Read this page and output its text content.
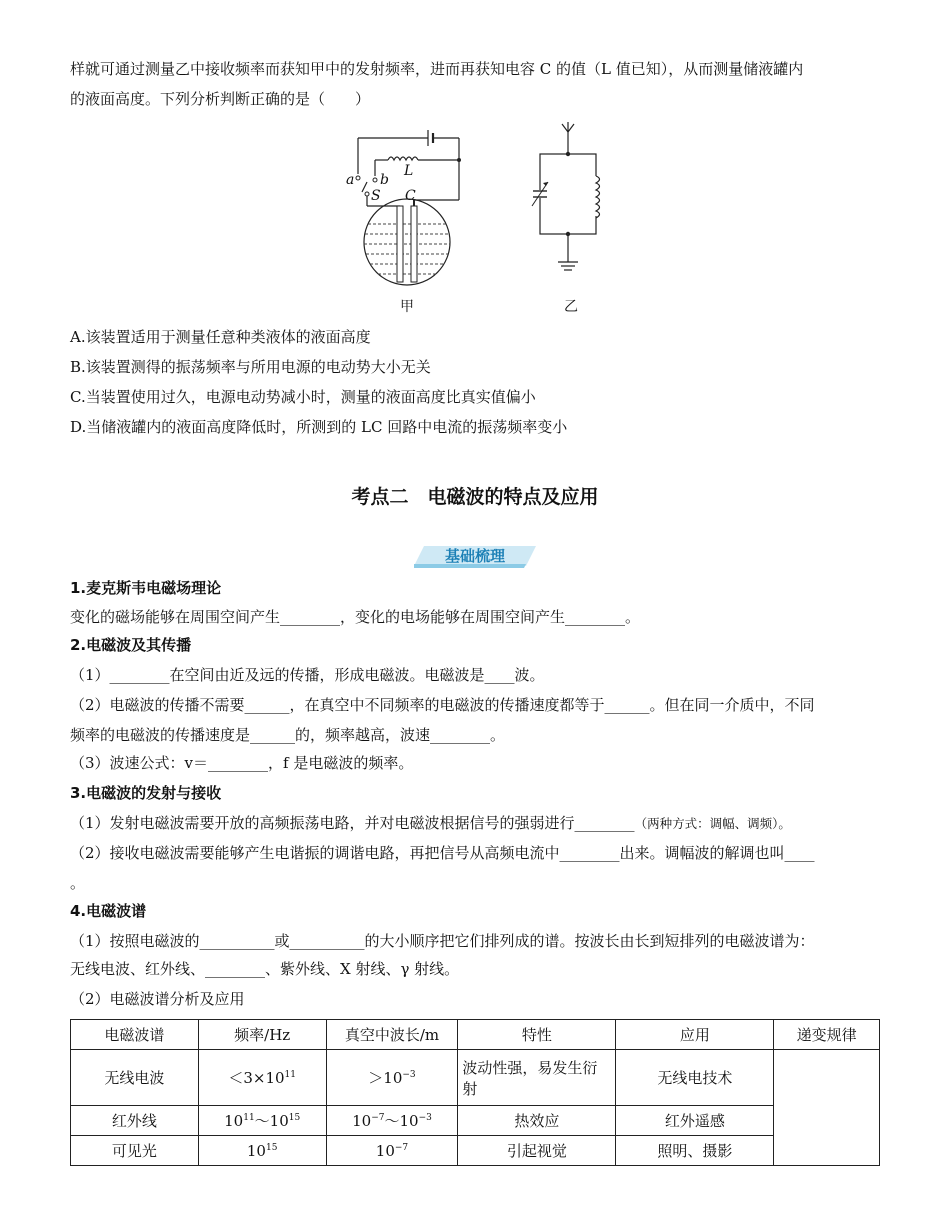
样就可通过测量乙中接收频率而获知甲中的发射频率，进而再获知电容 C 的值（L 值已知），从而测量储液罐内
的液面高度。下列分析判断正确的是（　　）
a b
L
S C
甲	乙
A.该装置适用于测量任意种类液体的液面高度
B.该装置测得的振荡频率与所用电源的电动势大小无关
C.当装置使用过久，电源电动势减小时，测量的液面高度比真实值偏小
D.当储液罐内的液面高度降低时，所测到的 LC 回路中电流的振荡频率变小
考点二　电磁波的特点及应用
基础梳理
1.麦克斯韦电磁场理论
变化的磁场能够在周围空间产生________，变化的电场能够在周围空间产生________。
2.电磁波及其传播
（1）________在空间由近及远的传播，形成电磁波。电磁波是____波。
（2）电磁波的传播不需要______，在真空中不同频率的电磁波的传播速度都等于______。但在同一介质中，不同
频率的电磁波的传播速度是______的，频率越高，波速________。
（3）波速公式：v＝________，f 是电磁波的频率。
3.电磁波的发射与接收
（1）发射电磁波需要开放的高频振荡电路，并对电磁波根据信号的强弱进行________（两种方式：调幅、调频）。
（2）接收电磁波需要能够产生电谐振的调谐电路，再把信号从高频电流中________出来。调幅波的解调也叫____
。
4.电磁波谱
（1）按照电磁波的__________或__________的大小顺序把它们排列成的谱。按波长由长到短排列的电磁波谱为：
无线电波、红外线、________、紫外线、X 射线、γ 射线。
（2）电磁波谱分析及应用
电磁波谱	频率/Hz	真空中波长/m	特性	应用	递变规律
无线电波	$<3\times 10^{11}$	$>10^{-3}$	波动性强，易发生衍射	无线电技术	
红外线	$10^{11}\sim 10^{15}$	$10^{-7}\sim 10^{-3}$	热效应	红外遥感	
可见光	$10^{15}$	$10^{-7}$	引起视觉	照明、摄影	
